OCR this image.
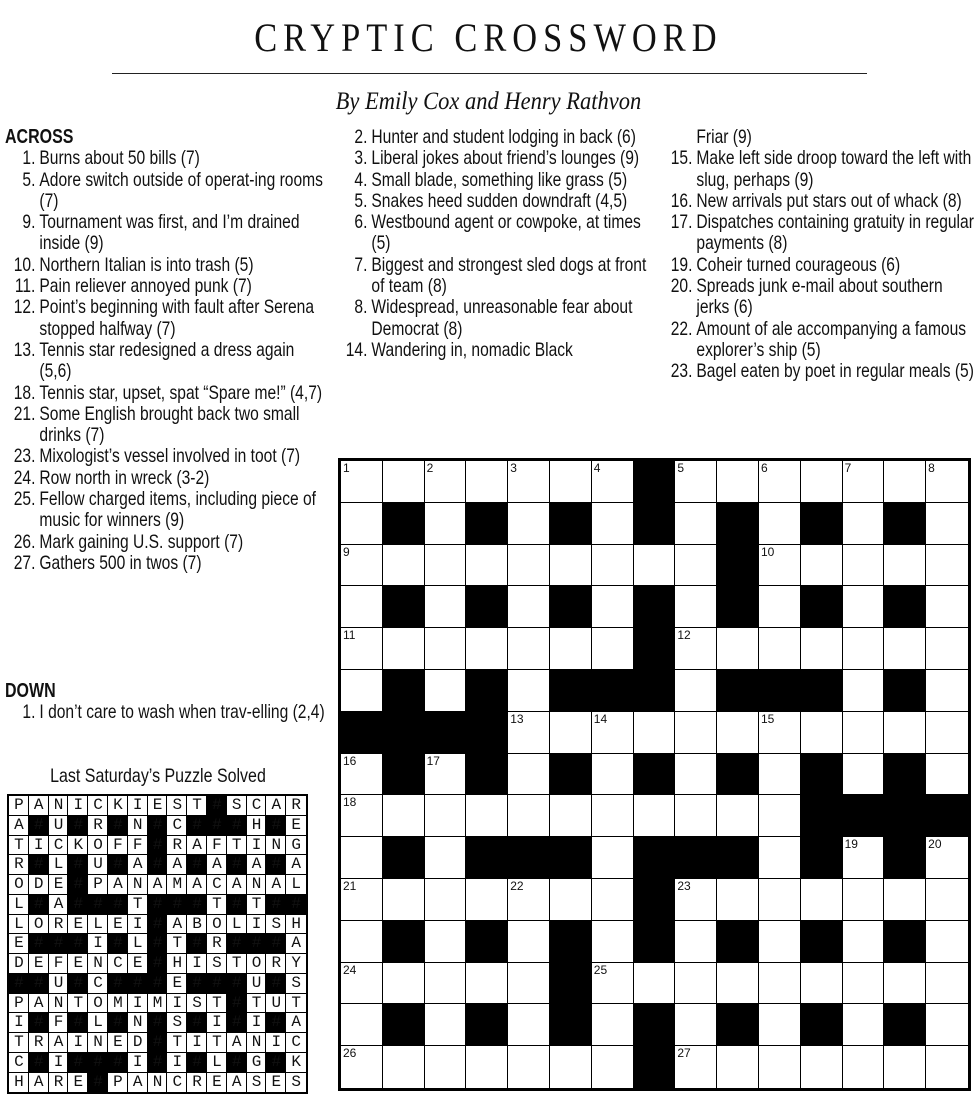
CRYPTIC CROSSWORD
By Emily Cox and Henry Rathvon
ACROSS
1. Burns about 50 bills (7)
5. Adore switch outside of operat-ing rooms (7)
9. Tournament was first, and I’m drained inside (9)
10. Northern Italian is into trash (5)
11. Pain reliever annoyed punk (7)
12. Point’s beginning with fault after Serena stopped halfway (7)
13. Tennis star redesigned a dress again (5,6)
18. Tennis star, upset, spat “Spare me!” (4,7)
21. Some English brought back two small drinks (7)
23. Mixologist’s vessel involved in toot (7)
24. Row north in wreck (3-2)
25. Fellow charged items, including piece of music for winners (9)
26. Mark gaining U.S. support (7)
27. Gathers 500 in twos (7)
DOWN
1. I don’t care to wash when trav-elling (2,4)
2. Hunter and student lodging in back (6)
3. Liberal jokes about friend’s lounges (9)
4. Small blade, something like grass (5)
5. Snakes heed sudden downdraft (4,5)
6. Westbound agent or cowpoke, at times (5)
7. Biggest and strongest sled dogs at front of team (8)
8. Widespread, unreasonable fear about Democrat (8)
14. Wandering in, nomadic Black
Friar (9)
15. Make left side droop toward the left with slug, perhaps (9)
16. New arrivals put stars out of whack (8)
17. Dispatches containing gratuity in regular payments (8)
19. Coheir turned courageous (6)
20. Spreads junk e-mail about southern jerks (6)
22. Amount of ale accompanying a famous explorer’s ship (5)
23. Bagel eaten by poet in regular meals (5)
1	2	3	4	5	6	7	8
9	10
11	12
13	14	15
16	17
18
19	20
21	22	23
24	25
26	27
Last Saturday’s Puzzle Solved
PANICKIEST#SCAR
A#U#R#N#C###H#E
TICKOFF#RAFTING
R#L#U#A#A#A#A#A
ODE#PANAMACANAL
L#A###T###T#T##
LORELEI#ABOLISH
E###I#L#T#R###A
DEFENCE#HISTORY
##U#C###E###U#S
PANTOMIMIST#TUT
I#F#L#N#S#I#I#A
TRAINED#TITANIC
C#I###I#I#L#G#K
HARE#PANCREASES
